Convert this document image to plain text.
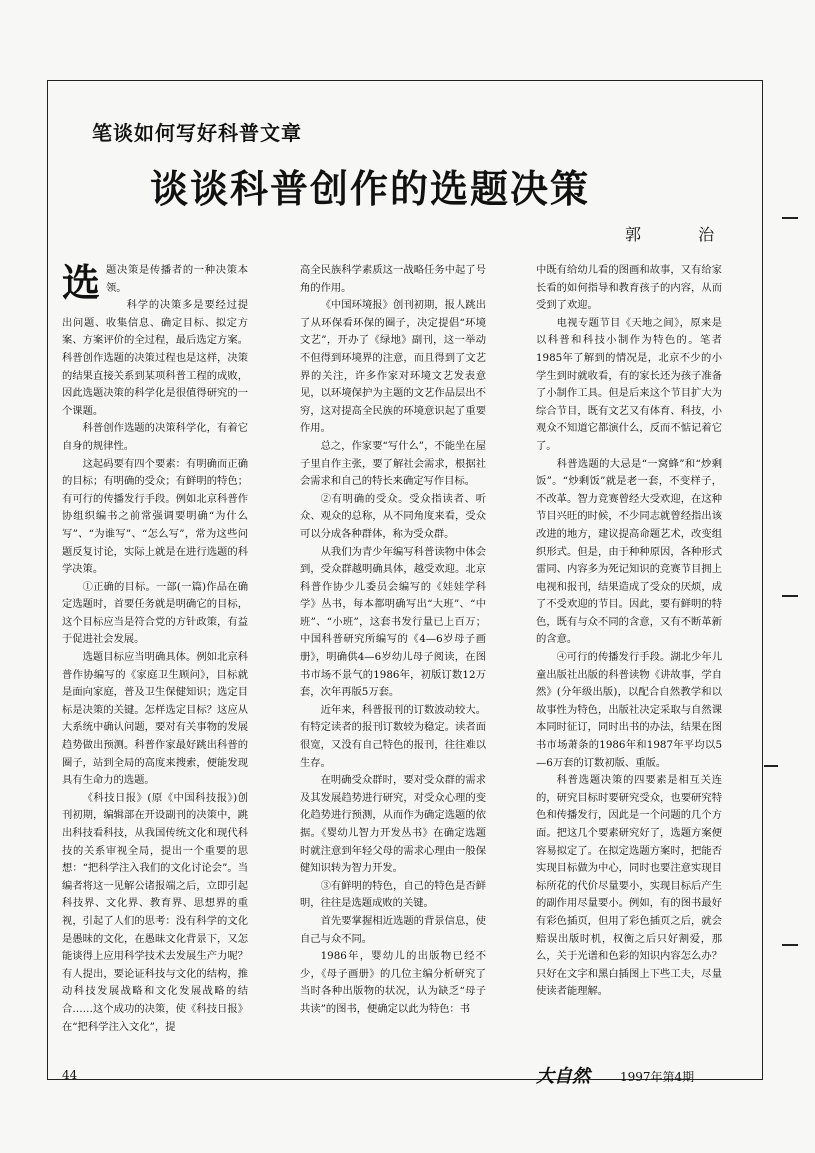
笔谈如何写好科普文章
谈谈科普创作的选题决策
郭 治
选 题决策是传播者的一种决策本领。

科学的决策多是要经过提出问题、收集信息、确定目标、拟定方案、方案评价的全过程，最后选定方案。科普创作选题的决策过程也是这样，决策的结果直接关系到某项科普工程的成败，因此选题决策的科学化是很值得研究的一个课题。

科普创作选题的决策科学化，有着它自身的规律性。

这起码要有四个要素：有明确而正确的目标；有明确的受众；有鲜明的特色；有可行的传播发行手段。例如北京科普作协组织编书之前常强调要明确“为什么写”、“为谁写”、“怎么写”，常为这些问题反复讨论，实际上就是在进行选题的科学决策。

①正确的目标。一部(一篇)作品在确定选题时，首要任务就是明确它的目标，这个目标应当是符合党的方针政策，有益于促进社会发展。

选题目标应当明确具体。例如北京科普作协编写的《家庭卫生顾问》，目标就是面向家庭，普及卫生保健知识；选定目标是决策的关键。怎样选定目标？这应从大系统中确认问题，要对有关事物的发展趋势做出预测。科普作家最好跳出科普的圈子，站到全局的高度来搜索，便能发现具有生命力的选题。

《科技日报》(原《中国科技报》)创刊初期，编辑部在开设副刊的决策中，跳出科技看科技，从我国传统文化和现代科技的关系审视全局，提出一个重要的思想：“把科学注入我们的文化讨论会”。当编者将这一见解公诸报端之后，立即引起科技界、文化界、教育界、思想界的重视，引起了人们的思考：没有科学的文化是愚昧的文化，在愚昧文化背景下，又怎能谈得上应用科学技术去发展生产力呢？有人提出，要论证科技与文化的结构，推动科技发展战略和文化发展战略的结合……这个成功的决策，使《科技日报》在“把科学注入文化”，提

高全民族科学素质这一战略任务中起了号角的作用。

《中国环境报》创刊初期，报人跳出了从环保看环保的圈子，决定提倡“环境文艺”，开办了《绿地》副刊，这一举动不但得到环境界的注意，而且得到了文艺界的关注，许多作家对环境文艺发表意见，以环境保护为主题的文艺作品层出不穷，这对提高全民族的环境意识起了重要作用。

总之，作家要“写什么”，不能坐在屋子里自作主张，要了解社会需求，根据社会需求和自己的特长来确定写作目标。

②有明确的受众。受众指读者、听众、观众的总称，从不同角度来看，受众可以分成各种群体，称为受众群。

从我们为青少年编写科普读物中体会到，受众群越明确具体，越受欢迎。北京科普作协少儿委员会编写的《娃娃学科学》丛书，每本都明确写出“大班”、“中班”、“小班”，这套书发行量已上百万；中国科普研究所编写的《4—6岁母子画册》，明确供4—6岁幼儿母子阅读，在图书市场不景气的1986年，初版订数12万套，次年再版5万套。

近年来，科普报刊的订数波动较大。有特定读者的报刊订数较为稳定。读者面很宽，又没有自己特色的报刊，往往难以生存。

在明确受众群时，要对受众群的需求及其发展趋势进行研究，对受众心理的变化趋势进行预测，从而作为确定选题的依据。《婴幼儿智力开发丛书》在确定选题时就注意到年轻父母的需求心理由一般保健知识转为智力开发。

③有鲜明的特色，自己的特色是否鲜明，往往是选题成败的关键。

首先要掌握相近选题的背景信息，使自己与众不同。

1986年，婴幼儿的出版物已经不少，《母子画册》的几位主编分析研究了当时各种出版物的状况，认为缺乏“母子共读”的图书，便确定以此为特色：书

中既有给幼儿看的图画和故事，又有给家长看的如何指导和教育孩子的内容，从而受到了欢迎。

电视专题节目《天地之间》，原来是以科普和科技小制作为特色的。笔者1985年了解到的情况是，北京不少的小学生到时就收看，有的家长还为孩子准备了小制作工具。但是后来这个节目扩大为综合节目，既有文艺又有体育、科技，小观众不知道它都演什么，反而不惦记着它了。

科普选题的大忌是“一窝蜂”和“炒剩饭”。“炒剩饭”就是老一套，不变样子，不改革。智力竞赛曾经大受欢迎，在这种节目兴旺的时候，不少同志就曾经指出该改进的地方，建议提高命题艺术，改变组织形式。但是，由于种种原因，各种形式雷同、内容多为死记知识的竞赛节目拥上电视和报刊，结果造成了受众的厌烦，成了不受欢迎的节目。因此，要有鲜明的特色，既有与众不同的含意，又有不断革新的含意。

④可行的传播发行手段。湖北少年儿童出版社出版的科普读物《讲故事，学自然》(分年级出版)，以配合自然教学和以故事性为特色，出版社决定采取与自然课本同时征订，同时出书的办法，结果在图书市场萧条的1986年和1987年平均以5—6万套的订数初版、重版。

科普选题决策的四要素是相互关连的，研究目标时要研究受众，也要研究特色和传播发行，因此是一个问题的几个方面。把这几个要素研究好了，选题方案便容易拟定了。在拟定选题方案时，把能否实现目标做为中心，同时也要注意实现目标所花的代价尽量要小，实现目标后产生的副作用尽量要小。例如，有的图书最好有彩色插页，但用了彩色插页之后，就会赔误出版时机，权衡之后只好割爱，那么，关于光谱和色彩的知识内容怎么办？只好在文字和黑白插图上下些工夫，尽量使读者能理解。

44	大自然	1997年第4期
